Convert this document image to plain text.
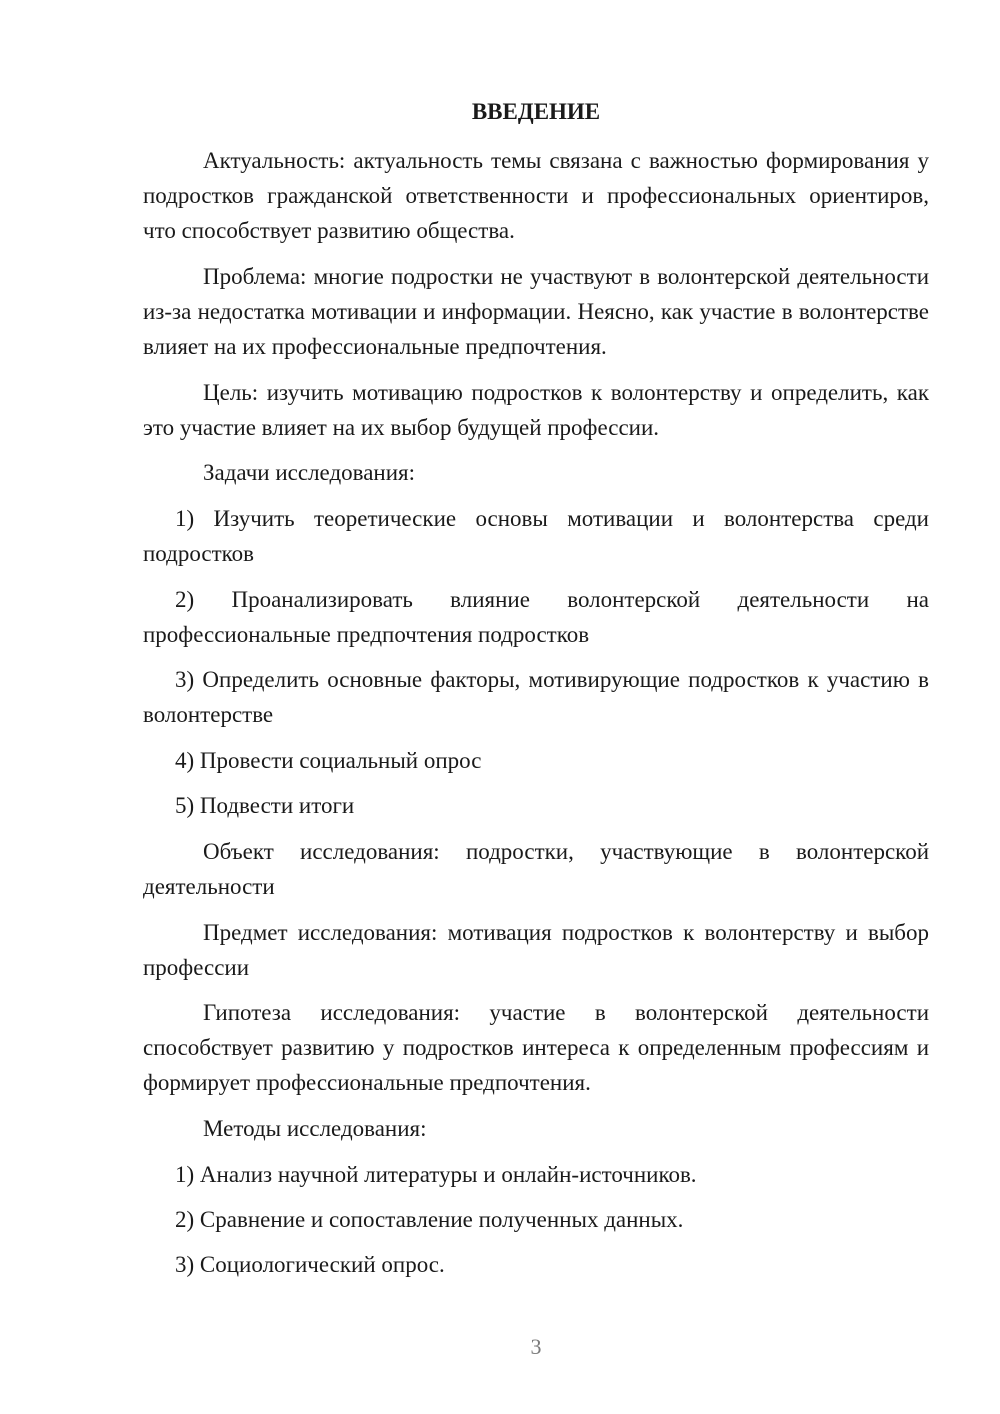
ВВЕДЕНИЕ

Актуальность: актуальность темы связана с важностью формирования у подростков гражданской ответственности и профессиональных ориентиров, что способствует развитию общества.

Проблема: многие подростки не участвуют в волонтерской деятельности из-за недостатка мотивации и информации. Неясно, как участие в волонтерстве влияет на их профессиональные предпочтения.

Цель: изучить мотивацию подростков к волонтерству и определить, как это участие влияет на их выбор будущей профессии.

Задачи исследования:

1) Изучить теоретические основы мотивации и волонтерства среди подростков

2) Проанализировать влияние волонтерской деятельности на профессиональные предпочтения подростков

3) Определить основные факторы, мотивирующие подростков к участию в волонтерстве

4) Провести социальный опрос

5) Подвести итоги

Объект исследования: подростки, участвующие в волонтерской деятельности

Предмет исследования: мотивация подростков к волонтерству и выбор профессии

Гипотеза исследования: участие в волонтерской деятельности способствует развитию у подростков интереса к определенным профессиям и формирует профессиональные предпочтения.

Методы исследования:

1) Анализ научной литературы и онлайн-источников.

2) Сравнение и сопоставление полученных данных.

3) Социологический опрос.

3
